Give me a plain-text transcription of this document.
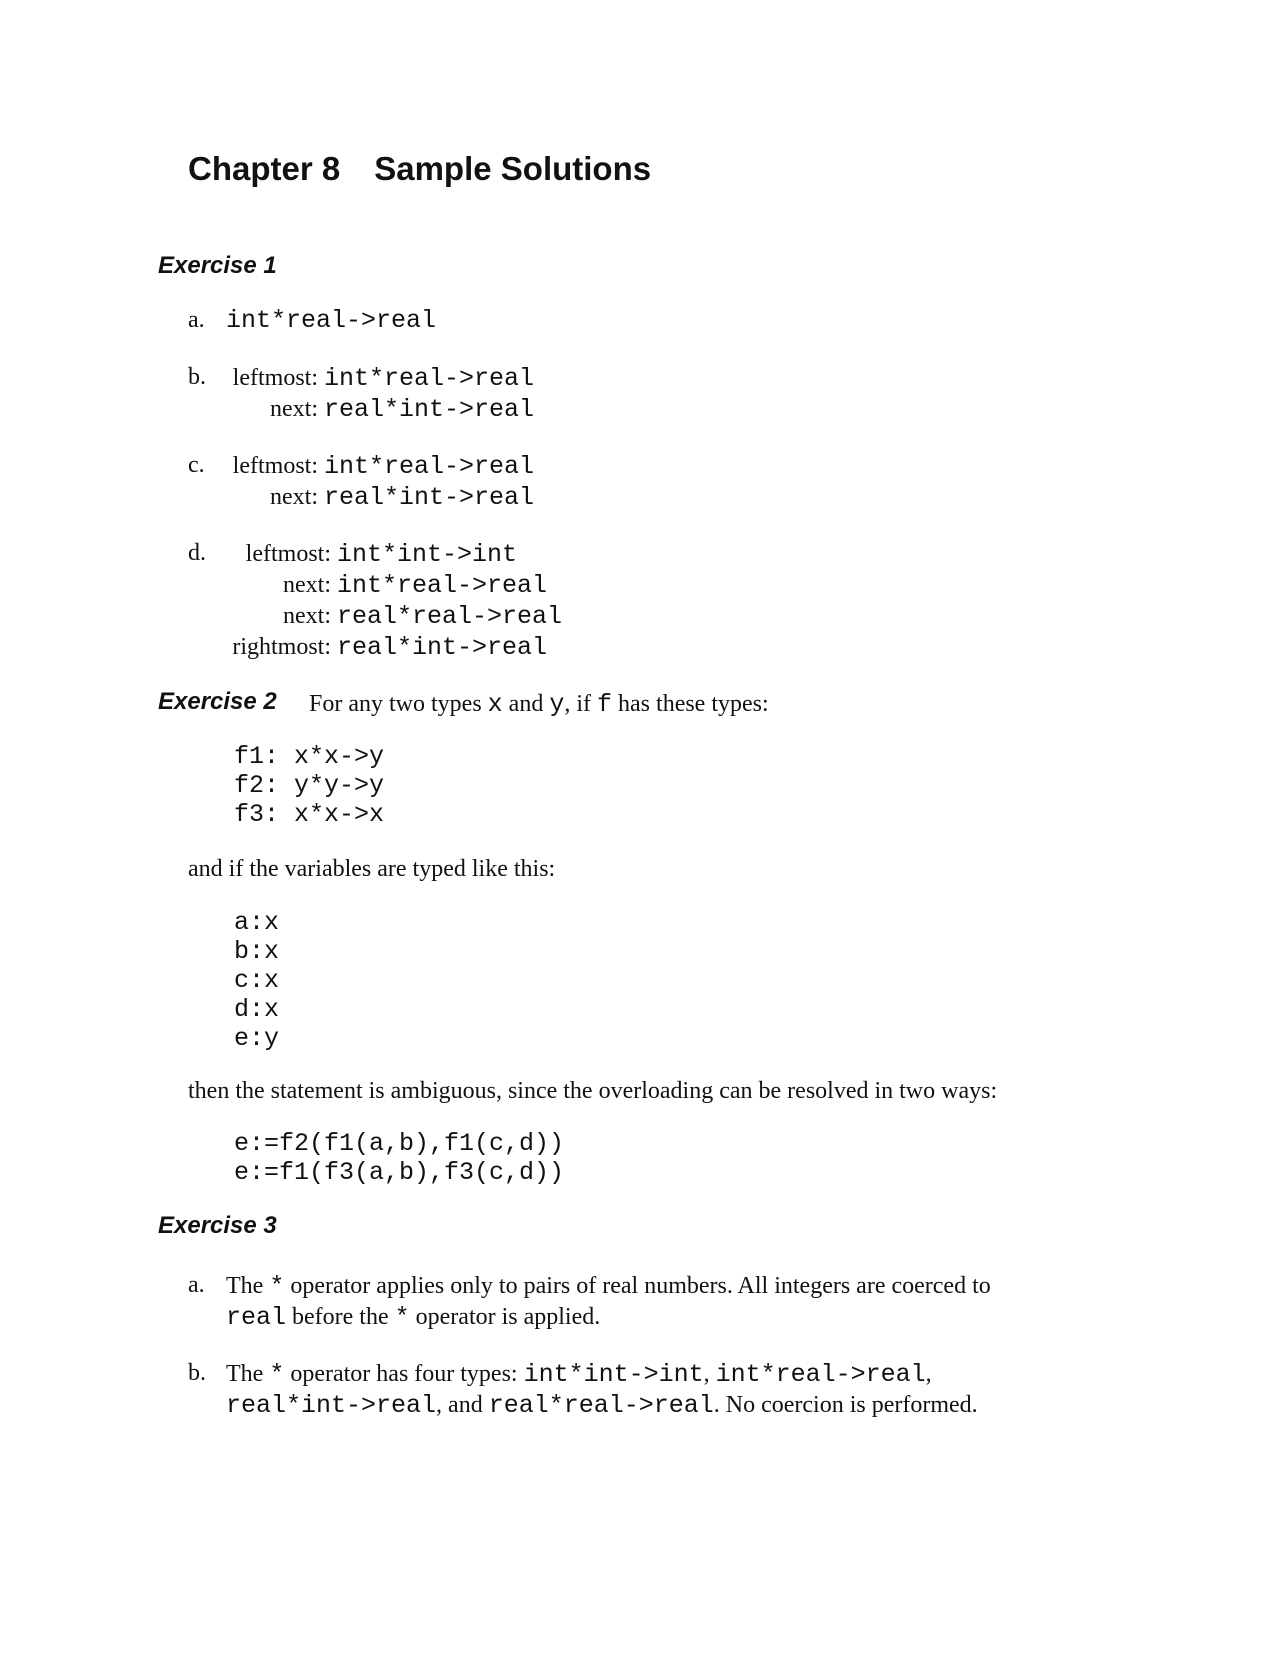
Chapter 8 Sample Solutions
Exercise 1
a. int*real->real
b. leftmost: int*real->real
next: real*int->real
c. leftmost: int*real->real
next: real*int->real
d.	leftmost: int*int->int
next: int*real->real
next: real*real->real
rightmost: real*int->real
Exercise 2 For any two types x and y, if f has these types:
f1: x*x->y
f2: y*y->y
f3: x*x->x
and if the variables are typed like this:
a:x
b:x
c:x
d:x
e:y
then the statement is ambiguous, since the overloading can be resolved in two ways:
e:=f2(f1(a,b),f1(c,d))
e:=f1(f3(a,b),f3(c,d))
Exercise 3
a. The * operator applies only to pairs of real numbers. All integers are coerced to
real before the * operator is applied.
b. The * operator has four types: int*int->int, int*real->real,
real*int->real, and real*real->real. No coercion is performed.
